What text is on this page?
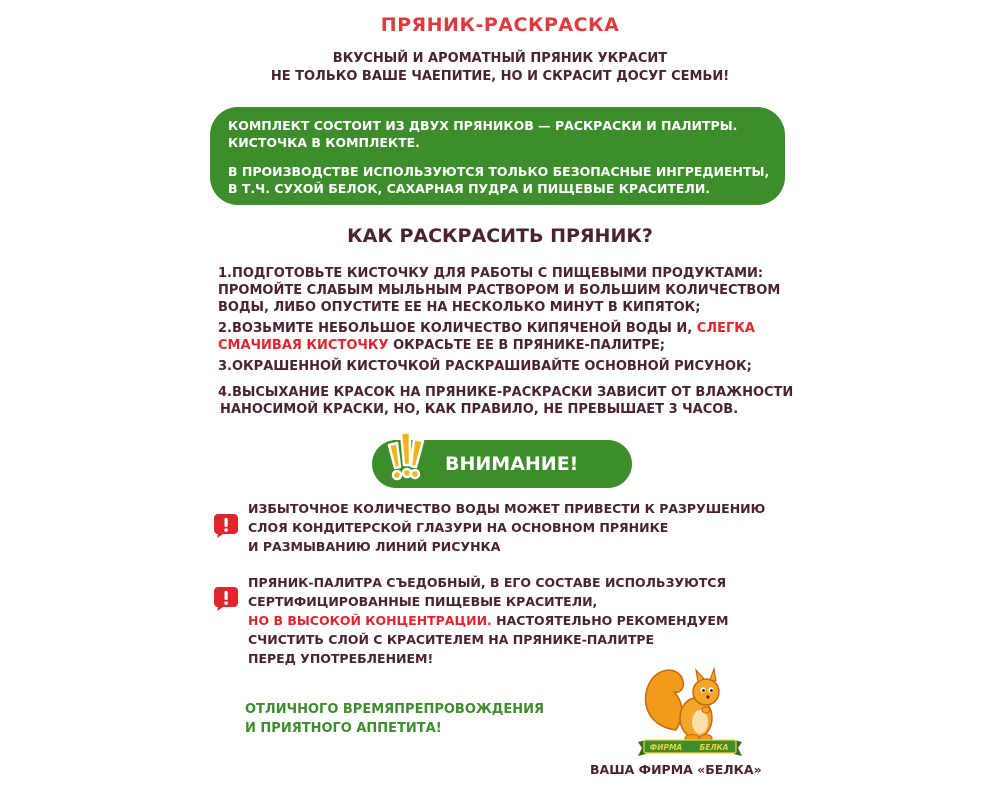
ПРЯНИК-РАСКРАСКА
ВКУСНЫЙ И АРОМАТНЫЙ ПРЯНИК УКРАСИТ
НЕ ТОЛЬКО ВАШЕ ЧАЕПИТИЕ, НО И СКРАСИТ ДОСУГ СЕМЬИ!

КОМПЛЕКТ СОСТОИТ ИЗ ДВУХ ПРЯНИКОВ — РАСКРАСКИ И ПАЛИТРЫ.

КИСТОЧКА В КОМПЛЕКТЕ.

В ПРОИЗВОДСТВЕ ИСПОЛЬЗУЮТСЯ ТОЛЬКО БЕЗОПАСНЫЕ ИНГРЕДИЕНТЫ,

В Т.Ч. СУХОЙ БЕЛОК, САХАРНАЯ ПУДРА И ПИЩЕВЫЕ КРАСИТЕЛИ.

КАК РАСКРАСИТЬ ПРЯНИК?
1.ПОДГОТОВЬТЕ КИСТОЧКУ ДЛЯ РАБОТЫ С ПИЩЕВЫМИ ПРОДУКТАМИ:
ПРОМОЙТЕ СЛАБЫМ МЫЛЬНЫМ РАСТВОРОМ И БОЛЬШИМ КОЛИЧЕСТВОМ
ВОДЫ, ЛИБО ОПУСТИТЕ ЕЕ НА НЕСКОЛЬКО МИНУТ В КИПЯТОК;
2.ВОЗЬМИТЕ НЕБОЛЬШОЕ КОЛИЧЕСТВО КИПЯЧЕНОЙ ВОДЫ И, СЛЕГКА
СМАЧИВАЯ КИСТОЧКУ ОКРАСЬТЕ ЕЕ В ПРЯНИКЕ-ПАЛИТРЕ;
3.ОКРАШЕННОЙ КИСТОЧКОЙ РАСКРАШИВАЙТЕ ОСНОВНОЙ РИСУНОК;
4.ВЫСЫХАНИЕ КРАСОК НА ПРЯНИКЕ-РАСКРАСКИ ЗАВИСИТ ОТ ВЛАЖНОСТИ
НАНОСИМОЙ КРАСКИ, НО, КАК ПРАВИЛО, НЕ ПРЕВЫШАЕТ 3 ЧАСОВ.
ВНИМАНИЕ!
ИЗБЫТОЧНОЕ КОЛИЧЕСТВО ВОДЫ МОЖЕТ ПРИВЕСТИ К РАЗРУШЕНИЮ
СЛОЯ КОНДИТЕРСКОЙ ГЛАЗУРИ НА ОСНОВНОМ ПРЯНИКЕ
И РАЗМЫВАНИЮ ЛИНИЙ РИСУНКА
ПРЯНИК-ПАЛИТРА СЪЕДОБНЫЙ, В ЕГО СОСТАВЕ ИСПОЛЬЗУЮТСЯ
СЕРТИФИЦИРОВАННЫЕ ПИЩЕВЫЕ КРАСИТЕЛИ,
НО В ВЫСОКОЙ КОНЦЕНТРАЦИИ. НАСТОЯТЕЛЬНО РЕКОМЕНДУЕМ
СЧИСТИТЬ СЛОЙ С КРАСИТЕЛЕМ НА ПРЯНИКЕ-ПАЛИТРЕ
ПЕРЕД УПОТРЕБЛЕНИЕМ!
ОТЛИЧНОГО ВРЕМЯПРЕПРОВОЖДЕНИЯ
И ПРИЯТНОГО АППЕТИТА!
ФИРМА БЕЛКА
ВАША ФИРМА «БЕЛКА»
